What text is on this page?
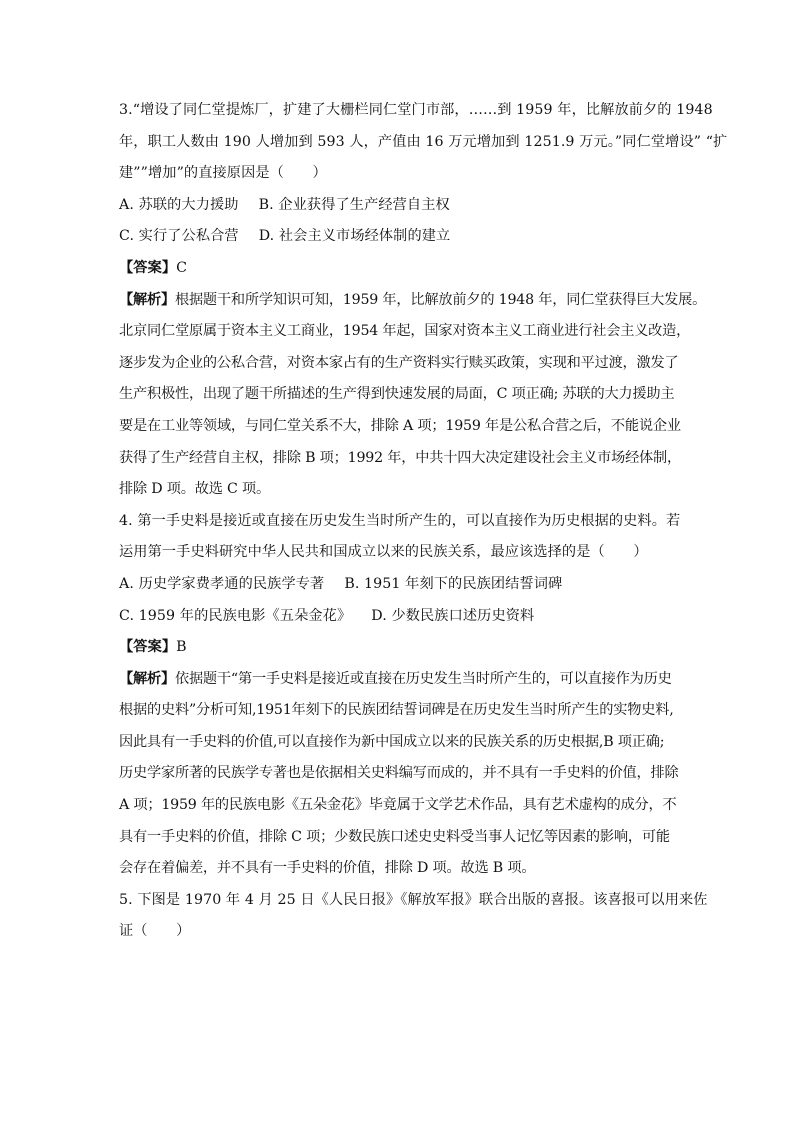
3.“增设了同仁堂提炼厂，扩建了大栅栏同仁堂门市部，……到 1959 年，比解放前夕的 1948
年，职工人数由 190 人增加到 593 人，产值由 16 万元增加到 1251.9 万元。”同仁堂增设” “扩
建””增加”的直接原因是（　　）
A. 苏联的大力援助 B. 企业获得了生产经营自主权
C. 实行了公私合营 D. 社会主义市场经体制的建立
【答案】C
【解析】根据题干和所学知识可知，1959 年，比解放前夕的 1948 年，同仁堂获得巨大发展。
北京同仁堂原属于资本主义工商业，1954 年起，国家对资本主义工商业进行社会主义改造，
逐步发为企业的公私合营，对资本家占有的生产资料实行赎买政策，实现和平过渡，激发了
生产积极性，出现了题干所描述的生产得到快速发展的局面，C 项正确; 苏联的大力援助主
要是在工业等领域，与同仁堂关系不大，排除 A 项；1959 年是公私合营之后，不能说企业
获得了生产经营自主权，排除 B 项；1992 年，中共十四大决定建设社会主义市场经体制，
排除 D 项。故选 C 项。
4. 第一手史料是接近或直接在历史发生当时所产生的，可以直接作为历史根据的史料。若
运用第一手史料研究中华人民共和国成立以来的民族关系，最应该选择的是（　　）
A. 历史学家费孝通的民族学专著 B. 1951 年刻下的民族团结誓词碑
C. 1959 年的民族电影《五朵金花》 D. 少数民族口述历史资料
【答案】B
【解析】依据题干“第一手史料是接近或直接在历史发生当时所产生的，可以直接作为历史
根据的史料”分析可知,1951年刻下的民族团结誓词碑是在历史发生当时所产生的实物史料,
因此具有一手史料的价值,可以直接作为新中国成立以来的民族关系的历史根据,B 项正确;
历史学家所著的民族学专著也是依据相关史料编写而成的，并不具有一手史料的价值，排除
A 项；1959 年的民族电影《五朵金花》毕竟属于文学艺术作品，具有艺术虚构的成分，不
具有一手史料的价值，排除 C 项；少数民族口述史史料受当事人记忆等因素的影响，可能
会存在着偏差，并不具有一手史料的价值，排除 D 项。故选 B 项。
5. 下图是 1970 年 4 月 25 日《人民日报》《解放军报》联合出版的喜报。该喜报可以用来佐
证（　　）
